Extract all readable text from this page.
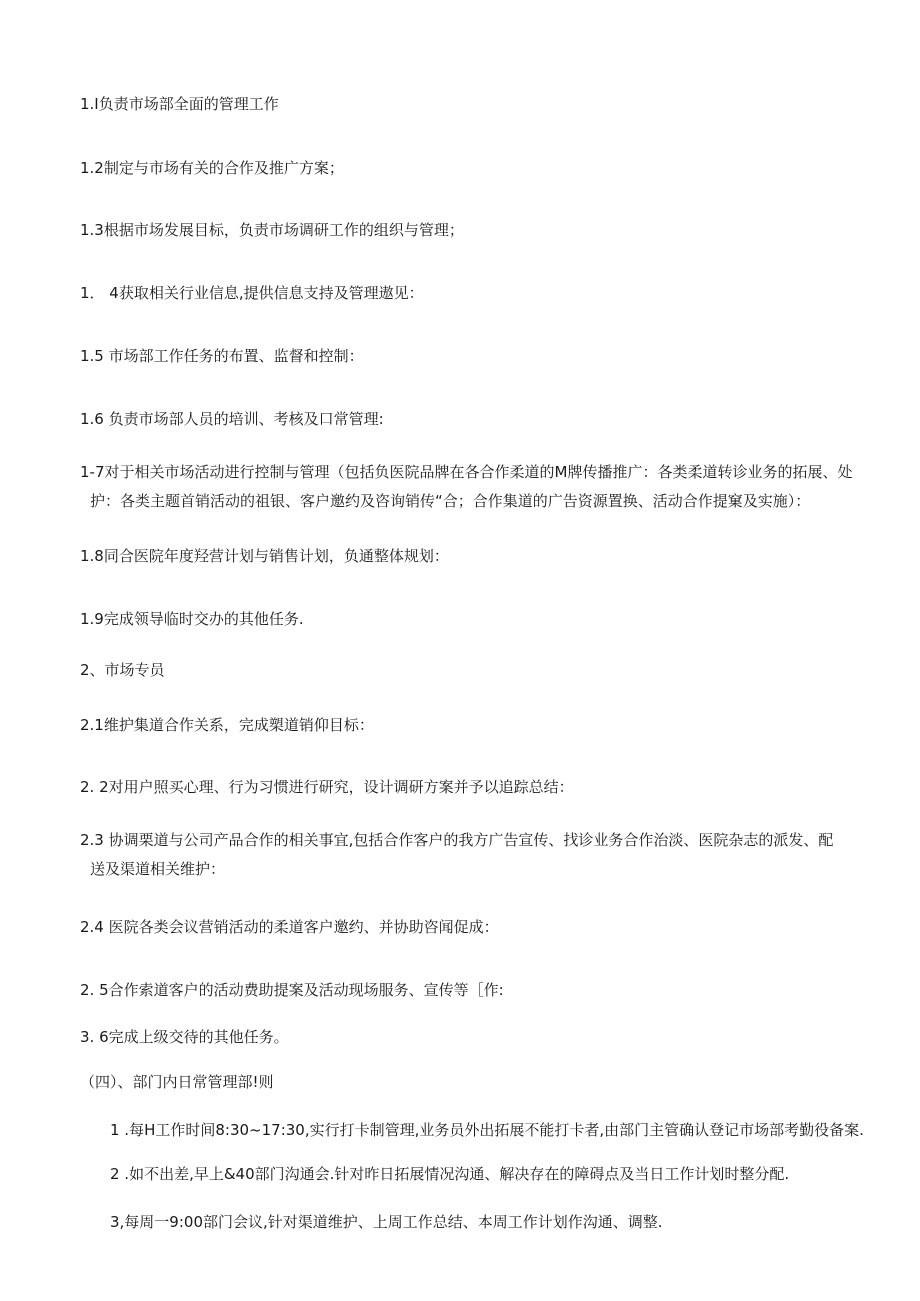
1.I负责市场部全面的管理工作

1.2制定与市场有关的合作及推广方案；

1.3根据市场发展目标，负责市场调研工作的组织与管理；

1． 4获取相关行业信息,提供信息支持及管理遨见：

1.5 市场部工作任务的布置、监督和控制：

1.6 负责市场部人员的培训、考核及口常管理:

1-7对于相关市场活动进行控制与管理（包括负医院品牌在各合作柔道的M牌传播推广：各类柔道转诊业务的拓展、处
护：各类主题首销活动的祖银、客户邀约及咨询销传“合；合作集道的广告资源置换、活动合作提窠及实施）：

1.8同合医院年度羟营计划与销售计划，负通整体规划：

1.9完成领导临时交办的其他任务.

2、市场专员

2.1维护集道合作关系，完成槊道销仰目标：

2. 2对用户照买心理、行为习惯进行研究，设计调研方案并予以追踪总结：

2.3 协调栗道与公司产品合作的相关事宜,包括合作客户的我方广告宣传、找诊业务合作治淡、医院杂志的派发、配
送及渠道相关维护：

2.4 医院各类会议营销活动的柔道客户邀约、并协助咨闻促成：

2. 5合作索道客户的活动费助提案及活动现场服务、宣传等［作:

3. 6完成上级交待的其他任务。

（四）、部门内日常管理部!则

1 .每H工作时间8:30~17:30,实行打卡制管理,业务员外出拓展不能打卡者,由部门主管确认登记市场部考勤役备案.

2 .如不出差,早上&40部门沟通会.针对昨日拓展情况沟通、解决存在的障碍点及当日工作计划时整分配.

3,每周一9:00部门会议,针对渠道维护、上周工作总结、本周工作计划作沟通、调整.
